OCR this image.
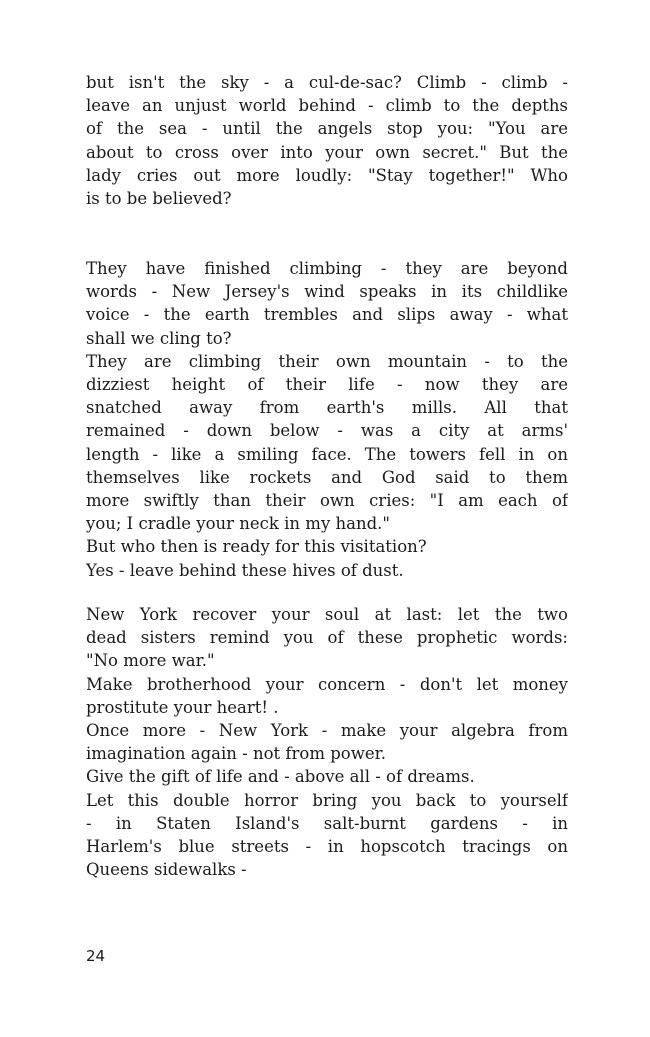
but isn't the sky - a cul-de-sac? Climb - climb -
leave an unjust world behind - climb to the depths
of the sea - until the angels stop you: "You are
about to cross over into your own secret." But the
lady cries out more loudly: "Stay together!" Who
is to be believed?
They have finished climbing - they are beyond
words - New Jersey's wind speaks in its childlike
voice - the earth trembles and slips away - what
shall we cling to?
They are climbing their own mountain - to the
dizziest height of their life - now they are
snatched away from earth's mills. All that
remained - down below - was a city at arms'
length - like a smiling face. The towers fell in on
themselves like rockets and God said to them
more swiftly than their own cries: "I am each of
you; I cradle your neck in my hand."
But who then is ready for this visitation?
Yes - leave behind these hives of dust.
New York recover your soul at last: let the two
dead sisters remind you of these prophetic words:
"No more war."
Make brotherhood your concern - don't let money
prostitute your heart! .
Once more - New York - make your algebra from
imagination again - not from power.
Give the gift of life and - above all - of dreams.
Let this double horror bring you back to yourself
- in Staten Island's salt-burnt gardens - in
Harlem's blue streets - in hopscotch tracings on
Queens sidewalks -
24
